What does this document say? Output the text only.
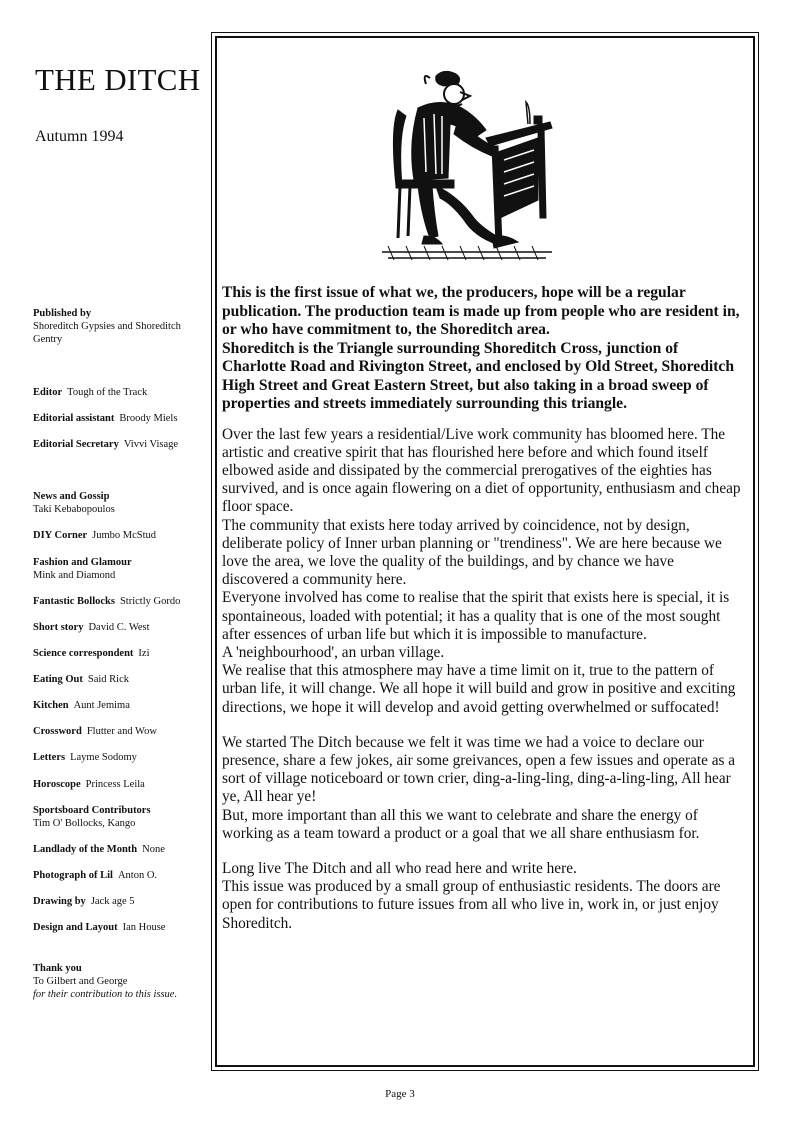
THE DITCH
Autumn 1994
Published by
Shoreditch Gypsies and Shoreditch Gentry
Editor Tough of the Track
Editorial assistant Broody Miels
Editorial Secretary Vivvi Visage
News and Gossip
Taki Kebabopoulos
DIY Corner Jumbo McStud
Fashion and Glamour
Mink and Diamond
Fantastic Bollocks Strictly Gordo
Short story David C. West
Science correspondent Izi
Eating Out Said Rick
Kitchen Aunt Jemima
Crossword Flutter and Wow
Letters Layme Sodomy
Horoscope Princess Leila
Sportsboard Contributors
Tim O' Bollocks, Kango
Landlady of the Month None
Photograph of Lil Anton O.
Drawing by Jack age 5
Design and Layout Ian House
Thank you
To Gilbert and George
for their contribution to this issue.

This is the first issue of what we, the producers, hope will be a regular publication. The production team is made up from people who are resident in, or who have commitment to, the Shoreditch area.

Shoreditch is the Triangle surrounding Shoreditch Cross, junction of Charlotte Road and Rivington Street, and enclosed by Old Street, Shoreditch High Street and Great Eastern Street, but also taking in a broad sweep of properties and streets immediately surrounding this triangle.

Over the last few years a residential/Live work community has bloomed here. The artistic and creative spirit that has flourished here before and which found itself elbowed aside and dissipated by the commercial prerogatives of the eighties has survived, and is once again flowering on a diet of opportunity, enthusiasm and cheap floor space.

The community that exists here today arrived by coincidence, not by design, deliberate policy of Inner urban planning or "trendiness". We are here because we love the area, we love the quality of the buildings, and by chance we have discovered a community here.

Everyone involved has come to realise that the spirit that exists here is special, it is spontaineous, loaded with potential; it has a quality that is one of the most sought after essences of urban life but which it is impossible to manufacture.

A 'neighbourhood', an urban village.

We realise that this atmosphere may have a time limit on it, true to the pattern of urban life, it will change. We all hope it will build and grow in positive and exciting directions, we hope it will develop and avoid getting overwhelmed or suffocated!

We started The Ditch because we felt it was time we had a voice to declare our presence, share a few jokes, air some greivances, open a few issues and operate as a sort of village noticeboard or town crier, ding-a-ling-ling, ding-a-ling-ling, All hear ye, All hear ye!

But, more important than all this we want to celebrate and share the energy of working as a team toward a product or a goal that we all share enthusiasm for.

Long live The Ditch and all who read here and write here.

This issue was produced by a small group of enthusiastic residents. The doors are open for contributions to future issues from all who live in, work in, or just enjoy Shoreditch.

Page 3
